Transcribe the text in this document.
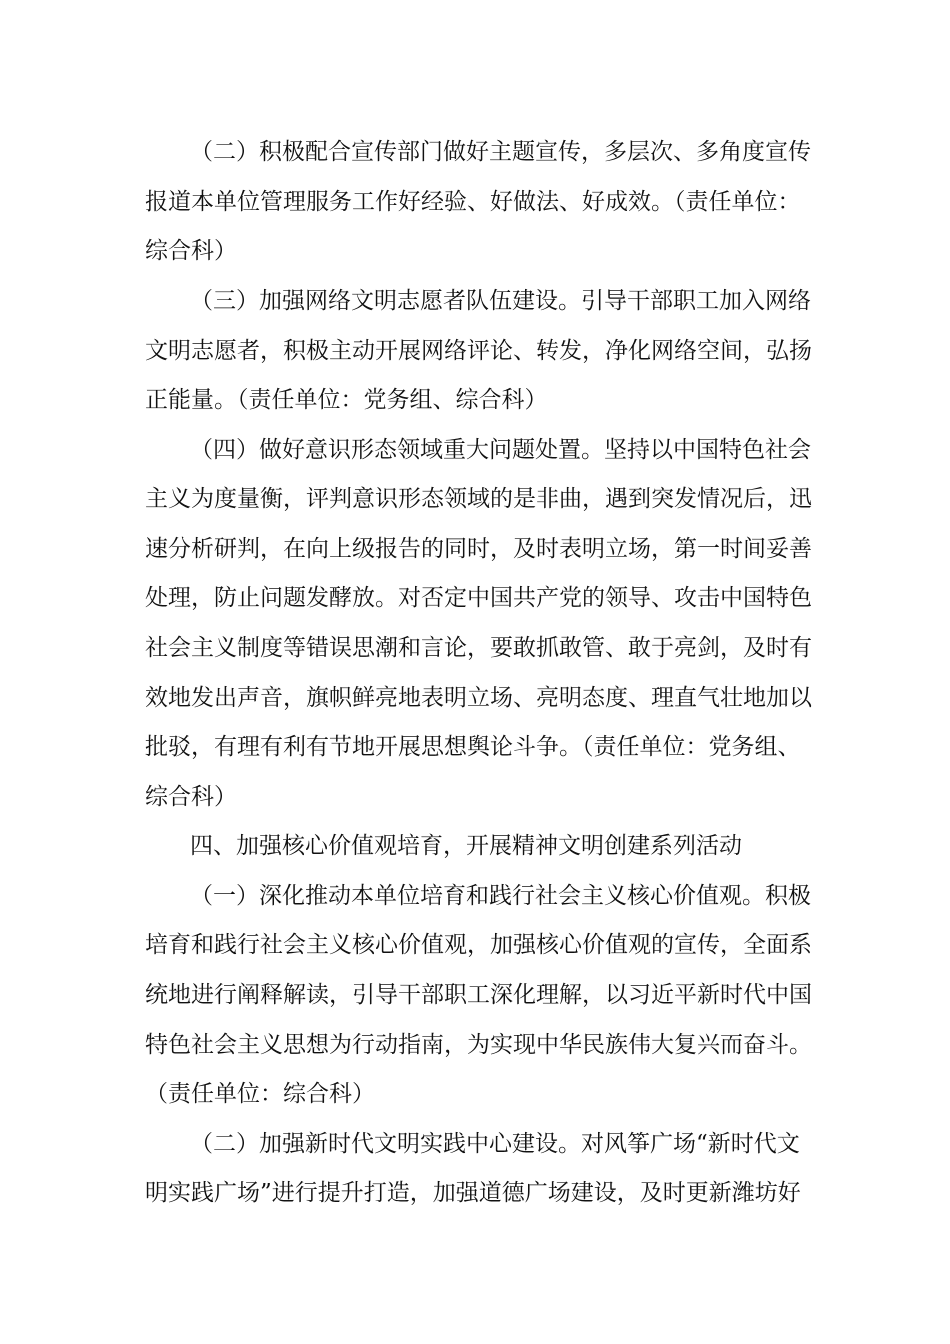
（二）积极配合宣传部门做好主题宣传，多层次、多角度宣传
报道本单位管理服务工作好经验、好做法、好成效。（责任单位：
综合科）
（三）加强网络文明志愿者队伍建设。引导干部职工加入网络
文明志愿者，积极主动开展网络评论、转发，净化网络空间，弘扬
正能量。（责任单位：党务组、综合科）
（四）做好意识形态领域重大问题处置。坚持以中国特色社会
主义为度量衡，评判意识形态领域的是非曲，遇到突发情况后，迅
速分析研判，在向上级报告的同时，及时表明立场，第一时间妥善
处理，防止问题发酵放。对否定中国共产党的领导、攻击中国特色
社会主义制度等错误思潮和言论，要敢抓敢管、敢于亮剑，及时有
效地发出声音，旗帜鲜亮地表明立场、亮明态度、理直气壮地加以
批驳，有理有利有节地开展思想舆论斗争。（责任单位：党务组、
综合科）
四、加强核心价值观培育，开展精神文明创建系列活动
（一）深化推动本单位培育和践行社会主义核心价值观。积极
培育和践行社会主义核心价值观，加强核心价值观的宣传，全面系
统地进行阐释解读，引导干部职工深化理解，以习近平新时代中国
特色社会主义思想为行动指南，为实现中华民族伟大复兴而奋斗。
（责任单位：综合科）
（二）加强新时代文明实践中心建设。对风筝广场“新时代文
明实践广场”进行提升打造，加强道德广场建设，及时更新潍坊好
